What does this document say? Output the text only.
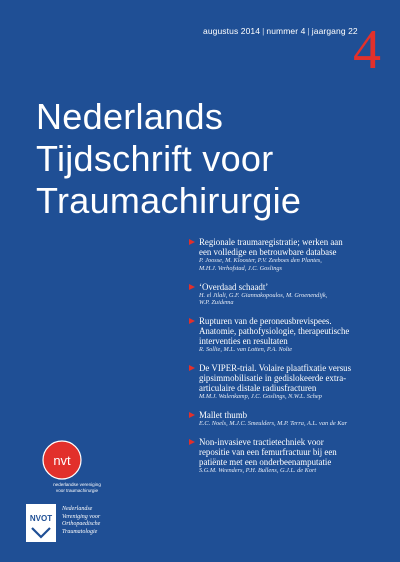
augustus 2014 | nummer 4 | jaargang 22
4
Nederlands
Tijdschrift voor
Traumachirurgie
Regionale traumaregistratie; werken aan
een volledige en betrouwbare database
P. Joosse, M. Klooster, P.V. Zeeboes den Plantes,
M.H.J. Verhofstad, J.C. Goslings
‘Overdaad schaadt’
H. el Jilali, G.F. Giannakopoulos, M. Groenendijk,
W.P. Zuidema
Rupturen van de peroneusbrevispees.
Anatomie, pathofysiologie, therapeutische
interventies en resultaten
R. Sollie, M.L. van Lotten, P.A. Nolte
De VIPER-trial. Volaire plaatfixatie versus
gipsimmobilisatie in gedislokeerde extra-
articulaire distale radiusfracturen
M.M.J. Walenkamp, J.C. Goslings, N.W.L. Schep
Mallet thumb
E.C. Noels, M.J.C. Smeulders, M.P. Terra, A.L. van de Kar
Non-invasieve tractietechniek voor
repositie van een femurfractuur bij een
patiënte met een onderbeenamputatie
S.G.M. Weenders, P.H. Bullens, G.J.L. de Kort
nvt
nederlandse vereniging
voor traumachirurgie
NVOT
Nederlandse
Vereniging voor
Orthopaedische
Traumatologie
